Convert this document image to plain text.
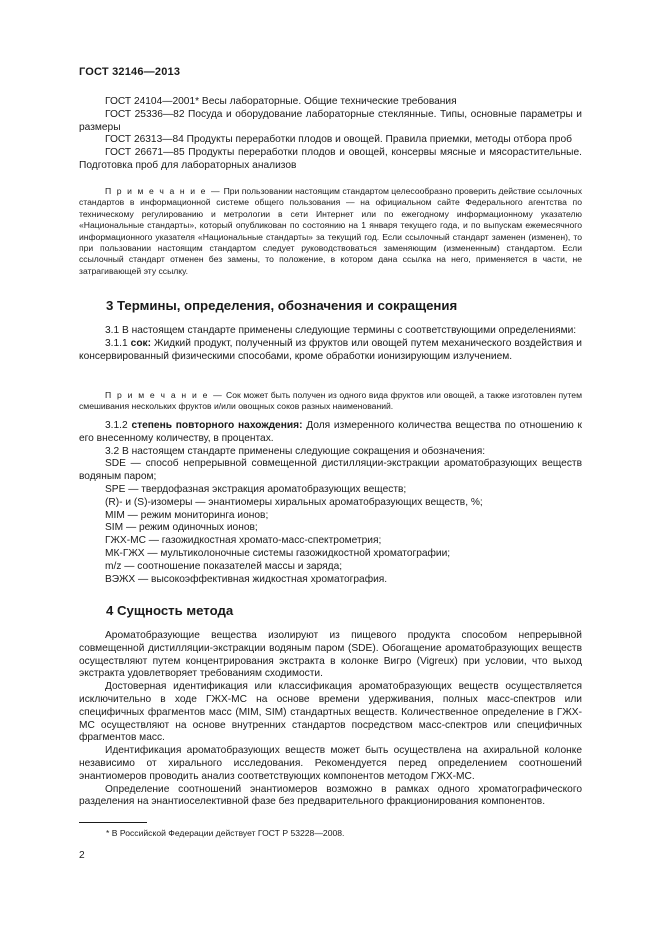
ГОСТ 32146—2013

ГОСТ 24104—2001* Весы лабораторные. Общие технические требования

ГОСТ 25336—82 Посуда и оборудование лабораторные стеклянные. Типы, основные параметры и размеры

ГОСТ 26313—84 Продукты переработки плодов и овощей. Правила приемки, методы отбора проб

ГОСТ 26671—85 Продукты переработки плодов и овощей, консервы мясные и мясорастительные. Подготовка проб для лабораторных анализов

П р и м е ч а н и е — При пользовании настоящим стандартом целесообразно проверить действие ссылочных стандартов в информационной системе общего пользования — на официальном сайте Федерального агентства по техническому регулированию и метрологии в сети Интернет или по ежегодному информационному указателю «Национальные стандарты», который опубликован по состоянию на 1 января текущего года, и по выпускам ежемесячного информационного указателя «Национальные стандарты» за текущий год. Если ссылочный стандарт заменен (изменен), то при пользовании настоящим стандартом следует руководствоваться заменяющим (измененным) стандартом. Если ссылочный стандарт отменен без замены, то положение, в котором дана ссылка на него, применяется в части, не затрагивающей эту ссылку.

3 Термины, определения, обозначения и сокращения

3.1 В настоящем стандарте применены следующие термины с соответствующими определениями:

3.1.1 сок: Жидкий продукт, полученный из фруктов или овощей путем механического воздействия и консервированный физическими способами, кроме обработки ионизирующим излучением.

П р и м е ч а н и е — Сок может быть получен из одного вида фруктов или овощей, а также изготовлен путем смешивания нескольких фруктов и/или овощных соков разных наименований.

3.1.2 степень повторного нахождения: Доля измеренного количества вещества по отношению к его внесенному количеству, в процентах.

3.2 В настоящем стандарте применены следующие сокращения и обозначения:

SDE — способ непрерывной совмещенной дистилляции-экстракции ароматобразующих веществ водяным паром;

SPE — твердофазная экстракция ароматобразующих веществ;

(R)- и (S)-изомеры — энантиомеры хиральных ароматобразующих веществ, %;

MIM — режим мониторинга ионов;

SIM — режим одиночных ионов;

ГЖХ-МС — газожидкостная хромато-масс-спектрометрия;

МК-ГЖХ — мультиколоночные системы газожидкостной хроматографии;

m/z — соотношение показателей массы и заряда;

ВЭЖХ — высокоэффективная жидкостная хроматография.

4 Сущность метода

Ароматобразующие вещества изолируют из пищевого продукта способом непрерывной совмещенной дистилляции-экстракции водяным паром (SDE). Обогащение ароматобразующих веществ осуществляют путем концентрирования экстракта в колонке Вигро (Vigreux) при условии, что выход экстракта удовлетворяет требованиям сходимости.

Достоверная идентификация или классификация ароматобразующих веществ осуществляется исключительно в ходе ГЖХ-МС на основе времени удерживания, полных масс-спектров или специфичных фрагментов масс (MIM, SIM) стандартных веществ. Количественное определение в ГЖХ-МС осуществляют на основе внутренних стандартов посредством масс-спектров или специфичных фрагментов масс.

Идентификация ароматобразующих веществ может быть осуществлена на ахиральной колонке независимо от хирального исследования. Рекомендуется перед определением соотношений энантиомеров проводить анализ соответствующих компонентов методом ГЖХ-МС.

Определение соотношений энантиомеров возможно в рамках одного хроматографического разделения на энантиоселективной фазе без предварительного фракционирования компонентов.

* В Российской Федерации действует ГОСТ Р 53228—2008.
2
